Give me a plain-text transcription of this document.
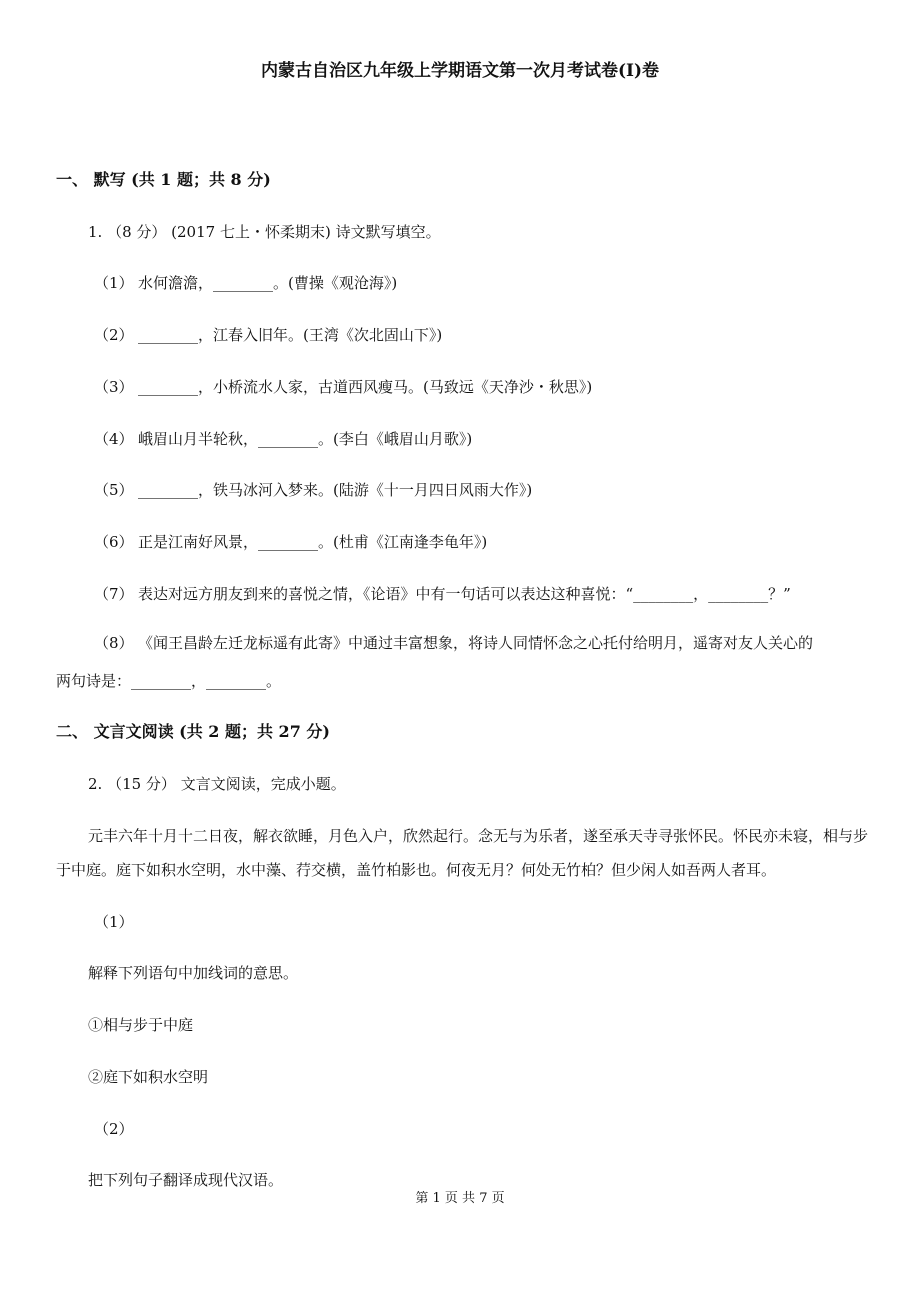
内蒙古自治区九年级上学期语文第一次月考试卷(I)卷
一、 默写 (共 1 题；共 8 分)
1. （8 分） (2017 七上・怀柔期末) 诗文默写填空。
（1） 水何澹澹，________。(曹操《观沧海》)
（2） ________，江春入旧年。(王湾《次北固山下》)
（3） ________，小桥流水人家，古道西风瘦马。(马致远《天净沙・秋思》)
（4） 峨眉山月半轮秋，________。(李白《峨眉山月歌》)
（5） ________，铁马冰河入梦来。(陆游《十一月四日风雨大作》)
（6） 正是江南好风景，________。(杜甫《江南逢李龟年》)
（7） 表达对远方朋友到来的喜悦之情，《论语》中有一句话可以表达这种喜悦：“________，________？”
（8） 《闻王昌龄左迁龙标遥有此寄》中通过丰富想象，将诗人同情怀念之心托付给明月，遥寄对友人关心的
两句诗是：________，________。
二、 文言文阅读 (共 2 题；共 27 分)
2. （15 分） 文言文阅读，完成小题。
元丰六年十月十二日夜，解衣欲睡，月色入户，欣然起行。念无与为乐者，遂至承天寺寻张怀民。怀民亦未寝，相与步于中庭。庭下如积水空明，水中藻、荇交横，盖竹柏影也。何夜无月？何处无竹柏？但少闲人如吾两人者耳。
（1）
解释下列语句中加线词的意思。
①相与步于中庭
②庭下如积水空明
（2）
把下列句子翻译成现代汉语。
第 1 页 共 7 页
